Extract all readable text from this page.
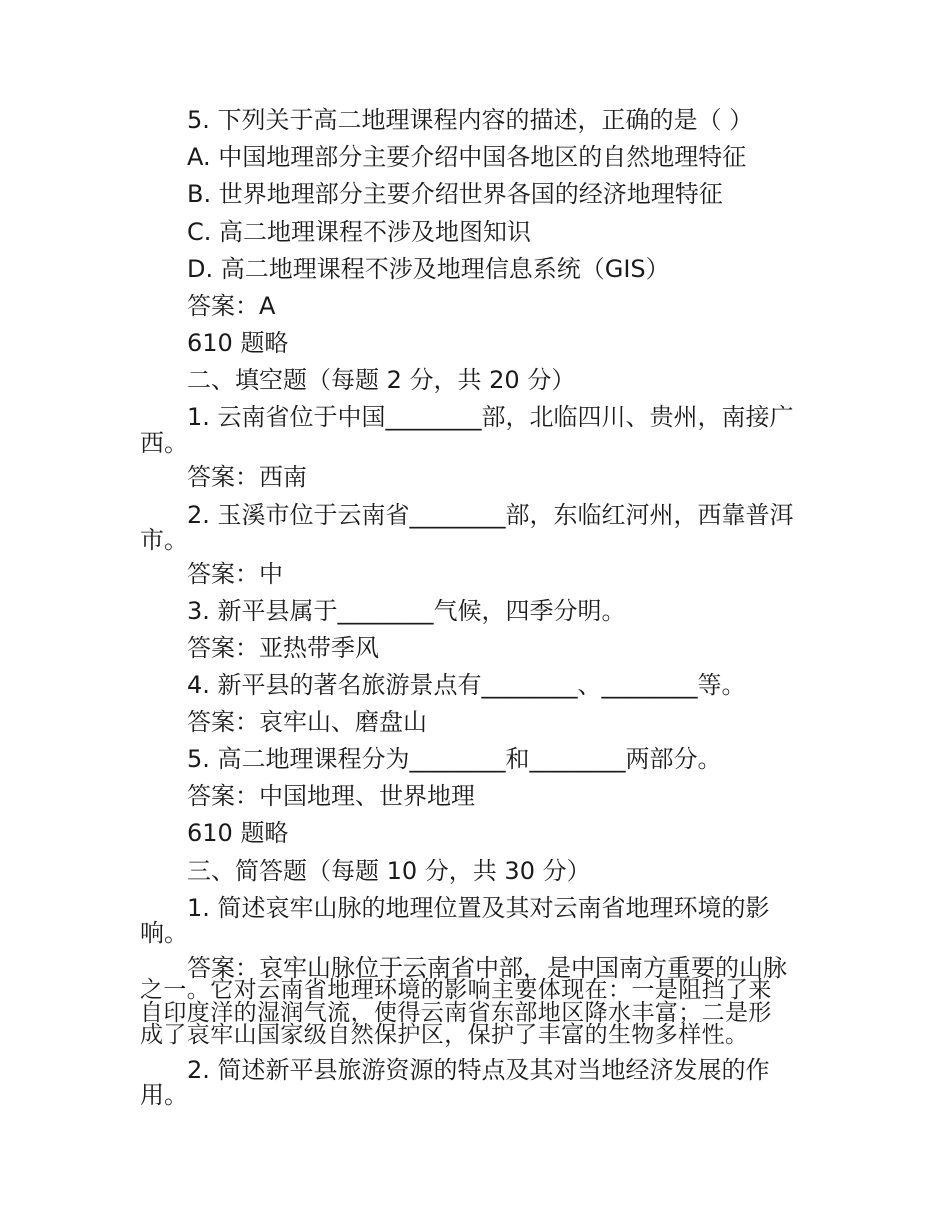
5. 下列关于高二地理课程内容的描述，正确的是（ ）

A. 中国地理部分主要介绍中国各地区的自然地理特征

B. 世界地理部分主要介绍世界各国的经济地理特征

C. 高二地理课程不涉及地图知识

D. 高二地理课程不涉及地理信息系统（GIS）

答案：A

610 题略

二、填空题（每题 2 分，共 20 分）

1. 云南省位于中国________部，北临四川、贵州，南接广

西。

答案：西南

2. 玉溪市位于云南省________部，东临红河州，西靠普洱

市。

答案：中

3. 新平县属于________气候，四季分明。

答案：亚热带季风

4. 新平县的著名旅游景点有________、________等。

答案：哀牢山、磨盘山

5. 高二地理课程分为________和________两部分。

答案：中国地理、世界地理

610 题略

三、简答题（每题 10 分，共 30 分）

1. 简述哀牢山脉的地理位置及其对云南省地理环境的影

响。

答案：哀牢山脉位于云南省中部，是中国南方重要的山脉

之一。它对云南省地理环境的影响主要体现在：一是阻挡了来

自印度洋的湿润气流，使得云南省东部地区降水丰富；二是形

成了哀牢山国家级自然保护区，保护了丰富的生物多样性。

2. 简述新平县旅游资源的特点及其对当地经济发展的作

用。
